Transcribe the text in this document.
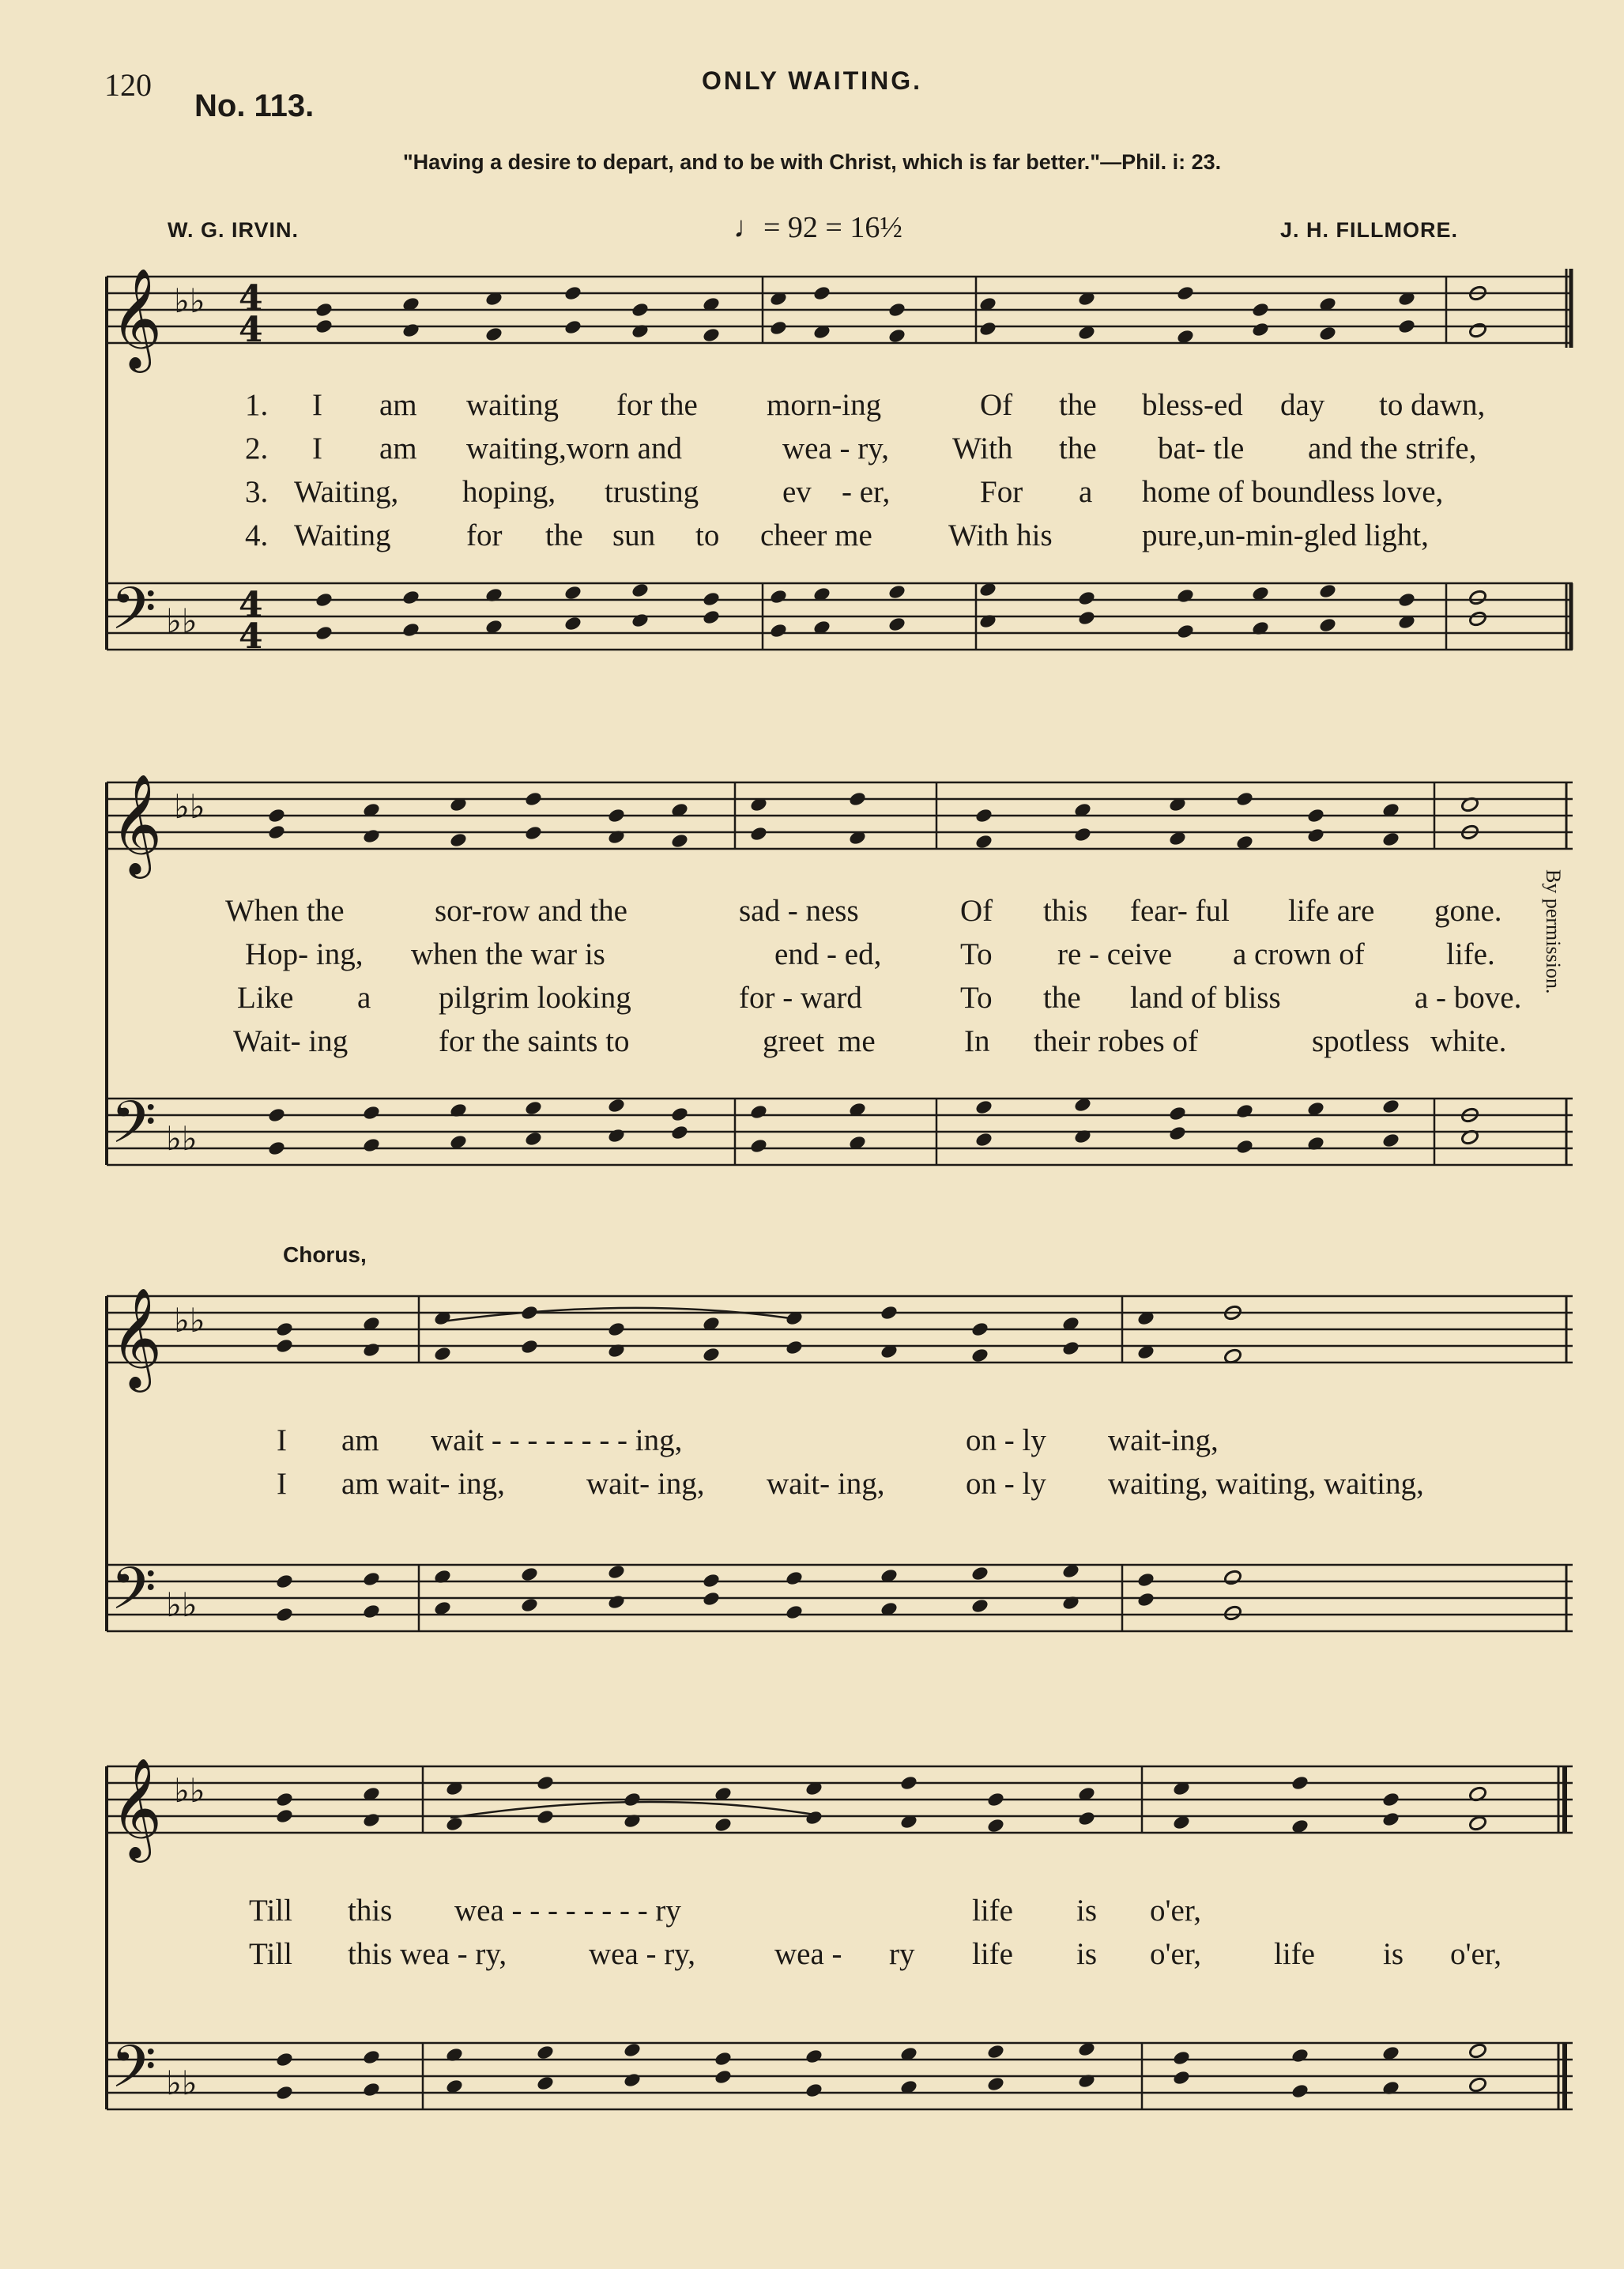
120
No. 113.
ONLY WAITING.
"Having a desire to depart, and to be with Christ, which is far better."—Phil. i: 23.
W. G. IRVIN.	♩= 92 = 16½	J. H. FILLMORE.
Chorus,
By permission.
𝄞
𝄢
♭♭ 4
4
♭♭ 4
4
𝄞
𝄢
♭♭
♭♭
𝄞
𝄢
♭♭
♭♭
𝄞
𝄢
♭♭
♭♭
1. I am waiting for the morn-ing	Of the bless-ed day to dawn,
2. I am waiting,worn and	wea - ry, With the bat- tle and the strife,
3. Waiting, hoping, trusting	ev - er,	For a home of boundless love,
4. Waiting for the sun to cheer me With his	pure,un-min-gled light,
When the	sor-row and the	sad - ness	Of this fear- ful life are gone.
Hop- ing, when the war is	end - ed,	To re - ceive a crown of	life.
Like a pilgrim looking	for - ward	To the land of bliss	a - bove.
Wait- ing	for the saints to	greet me	In their robes of	spotless white.
I am wait - - - - - - - - ing,	on - ly wait-ing,
I am wait- ing,	wait- ing, wait- ing,	on - ly waiting, waiting, waiting,
Till this wea - - - - - - - - ry	life is o'er,
Till this wea - ry,	wea - ry,	wea - ry life is o'er, life is o'er,
